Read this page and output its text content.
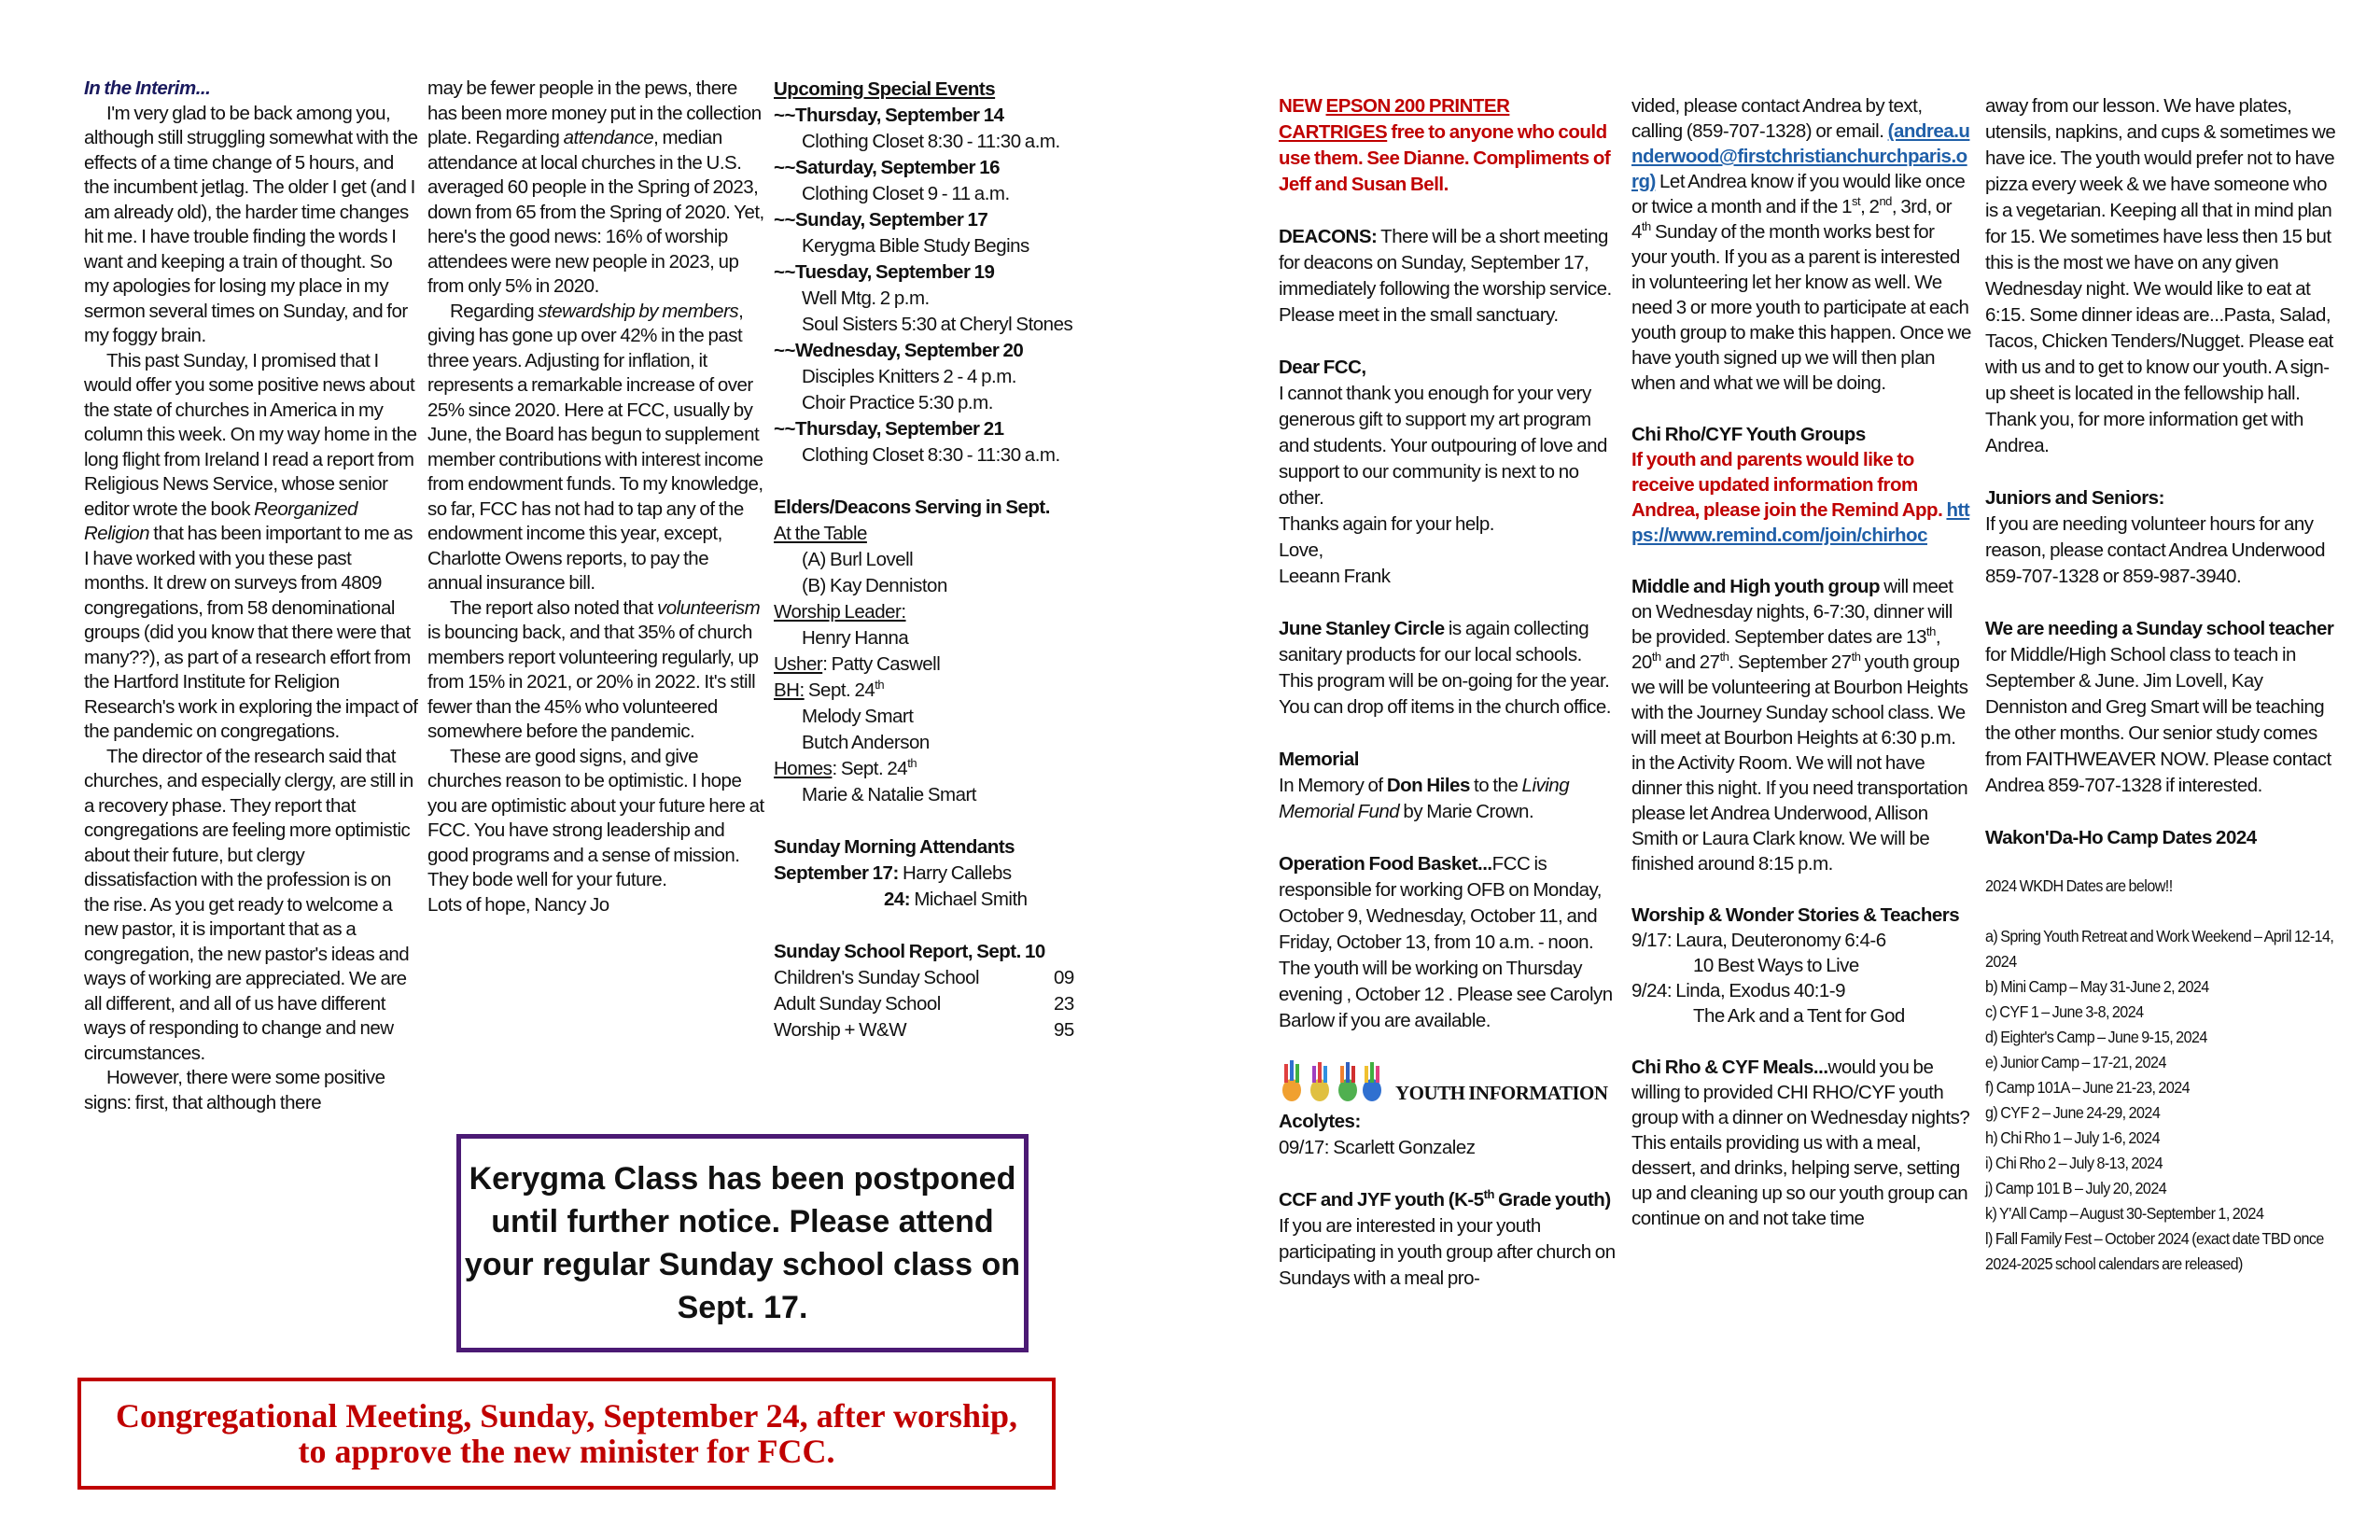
In the Interim...

I'm very glad to be back among you, although still struggling somewhat with the effects of a time change of 5 hours, and the incumbent jetlag. The older I get (and I am already old), the harder time changes hit me. I have trouble finding the words I want and keeping a train of thought. So my apologies for losing my place in my sermon several times on Sunday, and for my foggy brain.

This past Sunday, I promised that I would offer you some positive news about the state of churches in America in my column this week. On my way home in the long flight from Ireland I read a report from Religious News Service, whose senior editor wrote the book Reorganized Religion that has been important to me as I have worked with you these past months. It drew on surveys from 4809 congregations, from 58 denominational groups (did you know that there were that many??), as part of a research effort from the Hartford Institute for Religion Research's work in exploring the impact of the pandemic on congregations.

The director of the research said that churches, and especially clergy, are still in a recovery phase. They report that congregations are feeling more optimistic about their future, but clergy dissatisfaction with the profession is on the rise. As you get ready to welcome a new pastor, it is important that as a congregation, the new pastor's ideas and ways of working are appreciated. We are all different, and all of us have different ways of responding to change and new circumstances.

However, there were some positive signs: first, that although there

may be fewer people in the pews, there has been more money put in the collection plate. Regarding attendance, median attendance at local churches in the U.S. averaged 60 people in the Spring of 2023, down from 65 from the Spring of 2020. Yet, here's the good news: 16% of worship attendees were new people in 2023, up from only 5% in 2020.

Regarding stewardship by members, giving has gone up over 42% in the past three years. Adjusting for inflation, it represents a remarkable increase of over 25% since 2020. Here at FCC, usually by June, the Board has begun to supplement member contributions with interest income from endowment funds. To my knowledge, so far, FCC has not had to tap any of the endowment income this year, except, Charlotte Owens reports, to pay the annual insurance bill.

The report also noted that volunteerism is bouncing back, and that 35% of church members report volunteering regularly, up from 15% in 2021, or 20% in 2022. It's still fewer than the 45% who volunteered somewhere before the pandemic.

These are good signs, and give churches reason to be optimistic. I hope you are optimistic about your future here at FCC. You have strong leadership and good programs and a sense of mission. They bode well for your future.

Lots of hope, Nancy Jo

Upcoming Special Events

~~Thursday, September 14

Clothing Closet 8:30 - 11:30 a.m.

~~Saturday, September 16

Clothing Closet 9 - 11 a.m.

~~Sunday, September 17

Kerygma Bible Study Begins

~~Tuesday, September 19

Well Mtg. 2 p.m.

Soul Sisters 5:30 at Cheryl Stones

~~Wednesday, September 20

Disciples Knitters 2 - 4 p.m.

Choir Practice 5:30 p.m.

~~Thursday, September 21

Clothing Closet 8:30 - 11:30 a.m.

Elders/Deacons Serving in Sept.

At the Table

(A) Burl Lovell

(B) Kay Denniston

Worship Leader:

Henry Hanna

Usher: Patty Caswell

BH: Sept. 24th

Melody Smart

Butch Anderson

Homes: Sept. 24th

Marie & Natalie Smart

Sunday Morning Attendants

September 17: Harry Callebs

24: Michael Smith

Sunday School Report, Sept. 10

Children's Sunday School	09
Adult Sunday School	23
Worship + W&W	95
Kerygma Class has been postponed until further notice. Please attend your regular Sunday school class on Sept. 17.
Congregational Meeting, Sunday, September 24, after worship, to approve the new minister for FCC.

NEW EPSON 200 PRINTER CARTRIGES free to anyone who could use them. See Dianne. Compliments of Jeff and Susan Bell.

DEACONS: There will be a short meeting for deacons on Sunday, September 17, immediately following the worship service. Please meet in the small sanctuary.

Dear FCC,

I cannot thank you enough for your very generous gift to support my art program and students. Your outpouring of love and support to our community is next to no other.

Thanks again for your help.

Love,

Leeann Frank

June Stanley Circle is again collecting sanitary products for our local schools. This program will be on-going for the year. You can drop off items in the church office.

Memorial

In Memory of Don Hiles to the Living Memorial Fund by Marie Crown.

Operation Food Basket...FCC is responsible for working OFB on Monday, October 9, Wednesday, October 11, and Friday, October 13, from 10 a.m. - noon. The youth will be working on Thursday evening , October 12 . Please see Carolyn Barlow if you are available.

YOUTH INFORMATION

Acolytes:

09/17: Scarlett Gonzalez

CCF and JYF youth (K-5th Grade youth)

If you are interested in your youth participating in youth group after church on Sundays with a meal pro-

vided, please contact Andrea by text, calling (859-707-1328) or email. (andrea.underwood@firstchristianchurchparis.org) Let Andrea know if you would like once or twice a month and if the 1st, 2nd, 3rd, or 4th Sunday of the month works best for your youth. If you as a parent is interested in volunteering let her know as well. We need 3 or more youth to participate at each youth group to make this happen. Once we have youth signed up we will then plan when and what we will be doing.

Chi Rho/CYF Youth Groups

If youth and parents would like to receive updated information from Andrea, please join the Remind App. https://www.remind.com/join/chirhoc

Middle and High youth group will meet on Wednesday nights, 6-7:30, dinner will be provided. September dates are 13th, 20th and 27th. September 27th youth group we will be volunteering at Bourbon Heights with the Journey Sunday school class. We will meet at Bourbon Heights at 6:30 p.m. in the Activity Room. We will not have dinner this night. If you need transportation please let Andrea Underwood, Allison Smith or Laura Clark know. We will be finished around 8:15 p.m.

Worship & Wonder Stories & Teachers

9/17: Laura, Deuteronomy 6:4-6

10 Best Ways to Live

9/24: Linda, Exodus 40:1-9

The Ark and a Tent for God

Chi Rho & CYF Meals...would you be willing to provided CHI RHO/CYF youth group with a dinner on Wednesday nights? This entails providing us with a meal, dessert, and drinks, helping serve, setting up and cleaning up so our youth group can continue on and not take time

away from our lesson. We have plates, utensils, napkins, and cups & sometimes we have ice. The youth would prefer not to have pizza every week & we have someone who is a vegetarian. Keeping all that in mind plan for 15. We sometimes have less then 15 but this is the most we have on any given Wednesday night. We would like to eat at 6:15. Some dinner ideas are...Pasta, Salad, Tacos, Chicken Tenders/Nugget. Please eat with us and to get to know our youth. A sign-up sheet is located in the fellowship hall. Thank you, for more information get with Andrea.

Juniors and Seniors:

If you are needing volunteer hours for any reason, please contact Andrea Underwood 859-707-1328 or 859-987-3940.

We are needing a Sunday school teacher for Middle/High School class to teach in September & June. Jim Lovell, Kay Denniston and Greg Smart will be teaching the other months. Our senior study comes from FAITHWEAVER NOW. Please contact Andrea 859-707-1328 if interested.

Wakon'Da-Ho Camp Dates 2024

2024 WKDH Dates are below!!

a) Spring Youth Retreat and Work Weekend – April 12-14, 2024

b) Mini Camp – May 31-June 2, 2024

c) CYF 1 – June 3-8, 2024

d) Eighter's Camp – June 9-15, 2024

e) Junior Camp – 17-21, 2024

f) Camp 101A – June 21-23, 2024

g) CYF 2 – June 24-29, 2024

h) Chi Rho 1 – July 1-6, 2024

i) Chi Rho 2 – July 8-13, 2024

j) Camp 101 B – July 20, 2024

k) Y'All Camp – August 30-September 1, 2024

l) Fall Family Fest – October 2024 (exact date TBD once 2024-2025 school calendars are released)
